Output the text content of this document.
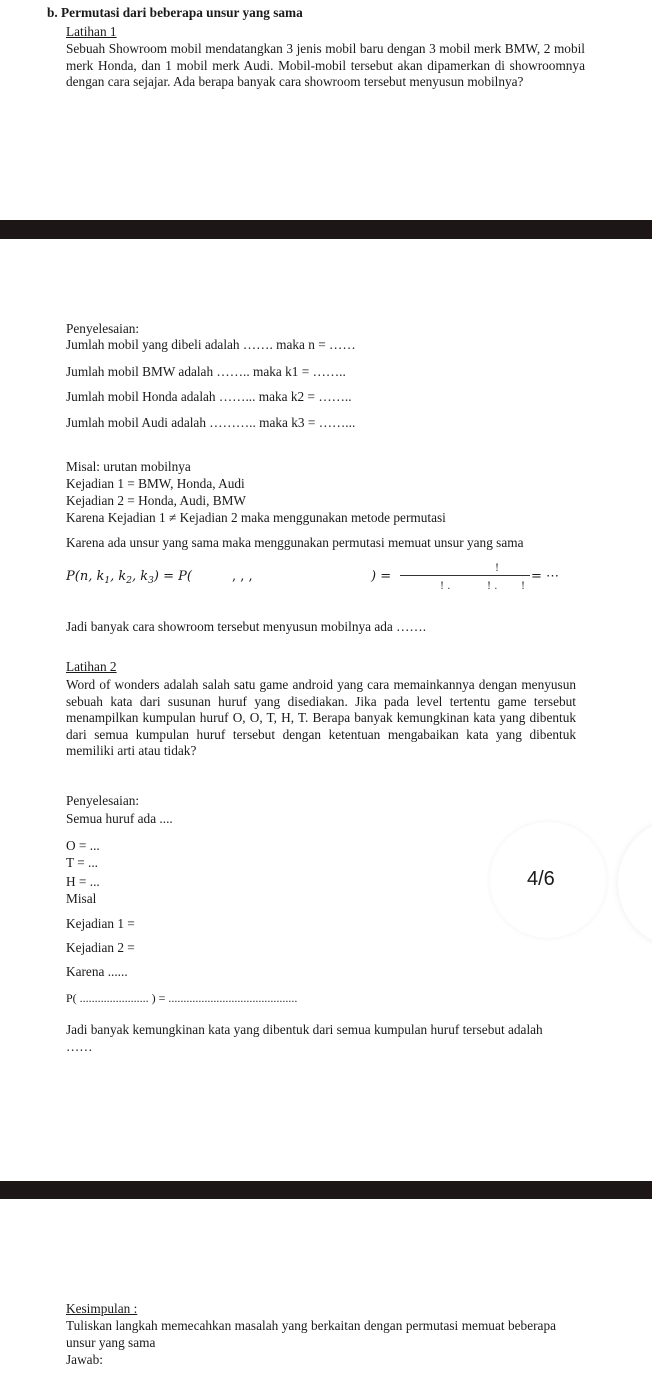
b. Permutasi dari beberapa unsur yang sama
Latihan 1
Sebuah Showroom mobil mendatangkan 3 jenis mobil baru dengan 3 mobil merk BMW, 2 mobil merk Honda, dan 1 mobil merk Audi. Mobil-mobil tersebut akan dipamerkan di showroomnya dengan cara sejajar. Ada berapa banyak cara showroom tersebut menyusun mobilnya?
Penyelesaian:
Jumlah mobil yang dibeli adalah ……. maka n = ……
Jumlah mobil BMW adalah …….. maka k1 = ……..
Jumlah mobil Honda adalah ……... maka k2 = ……..
Jumlah mobil Audi adalah ……….. maka k3 = ……...
Misal: urutan mobilnya
Kejadian 1 = BMW, Honda, Audi
Kejadian 2 = Honda, Audi, BMW
Karena Kejadian 1 ≠ Kejadian 2 maka menggunakan metode permutasi
Karena ada unsur yang sama maka menggunakan permutasi memuat unsur yang sama
P(n, $k_1$, $k_2$, $k_3) = P$(	, , ,	) =
!
! .	! . !
= ⋯
Jadi banyak cara showroom tersebut menyusun mobilnya ada …….
Latihan 2
Word of wonders adalah salah satu game android yang cara memainkannya dengan menyusun sebuah kata dari susunan huruf yang disediakan. Jika pada level tertentu game tersebut menampilkan kumpulan huruf O, O, T, H, T. Berapa banyak kemungkinan kata yang dibentuk dari semua kumpulan huruf tersebut dengan ketentuan mengabaikan kata yang dibentuk memiliki arti atau tidak?
Penyelesaian:
Semua huruf ada ....
O = ...
T = ...
H = ...
Misal
Kejadian 1 =
Kejadian 2 =
Karena ......
P( ....................... ) = ...........................................
Jadi banyak kemungkinan kata yang dibentuk dari semua kumpulan huruf tersebut adalah
……
4/6
Kesimpulan :
Tuliskan langkah memecahkan masalah yang berkaitan dengan permutasi memuat beberapa unsur yang sama
Jawab:
